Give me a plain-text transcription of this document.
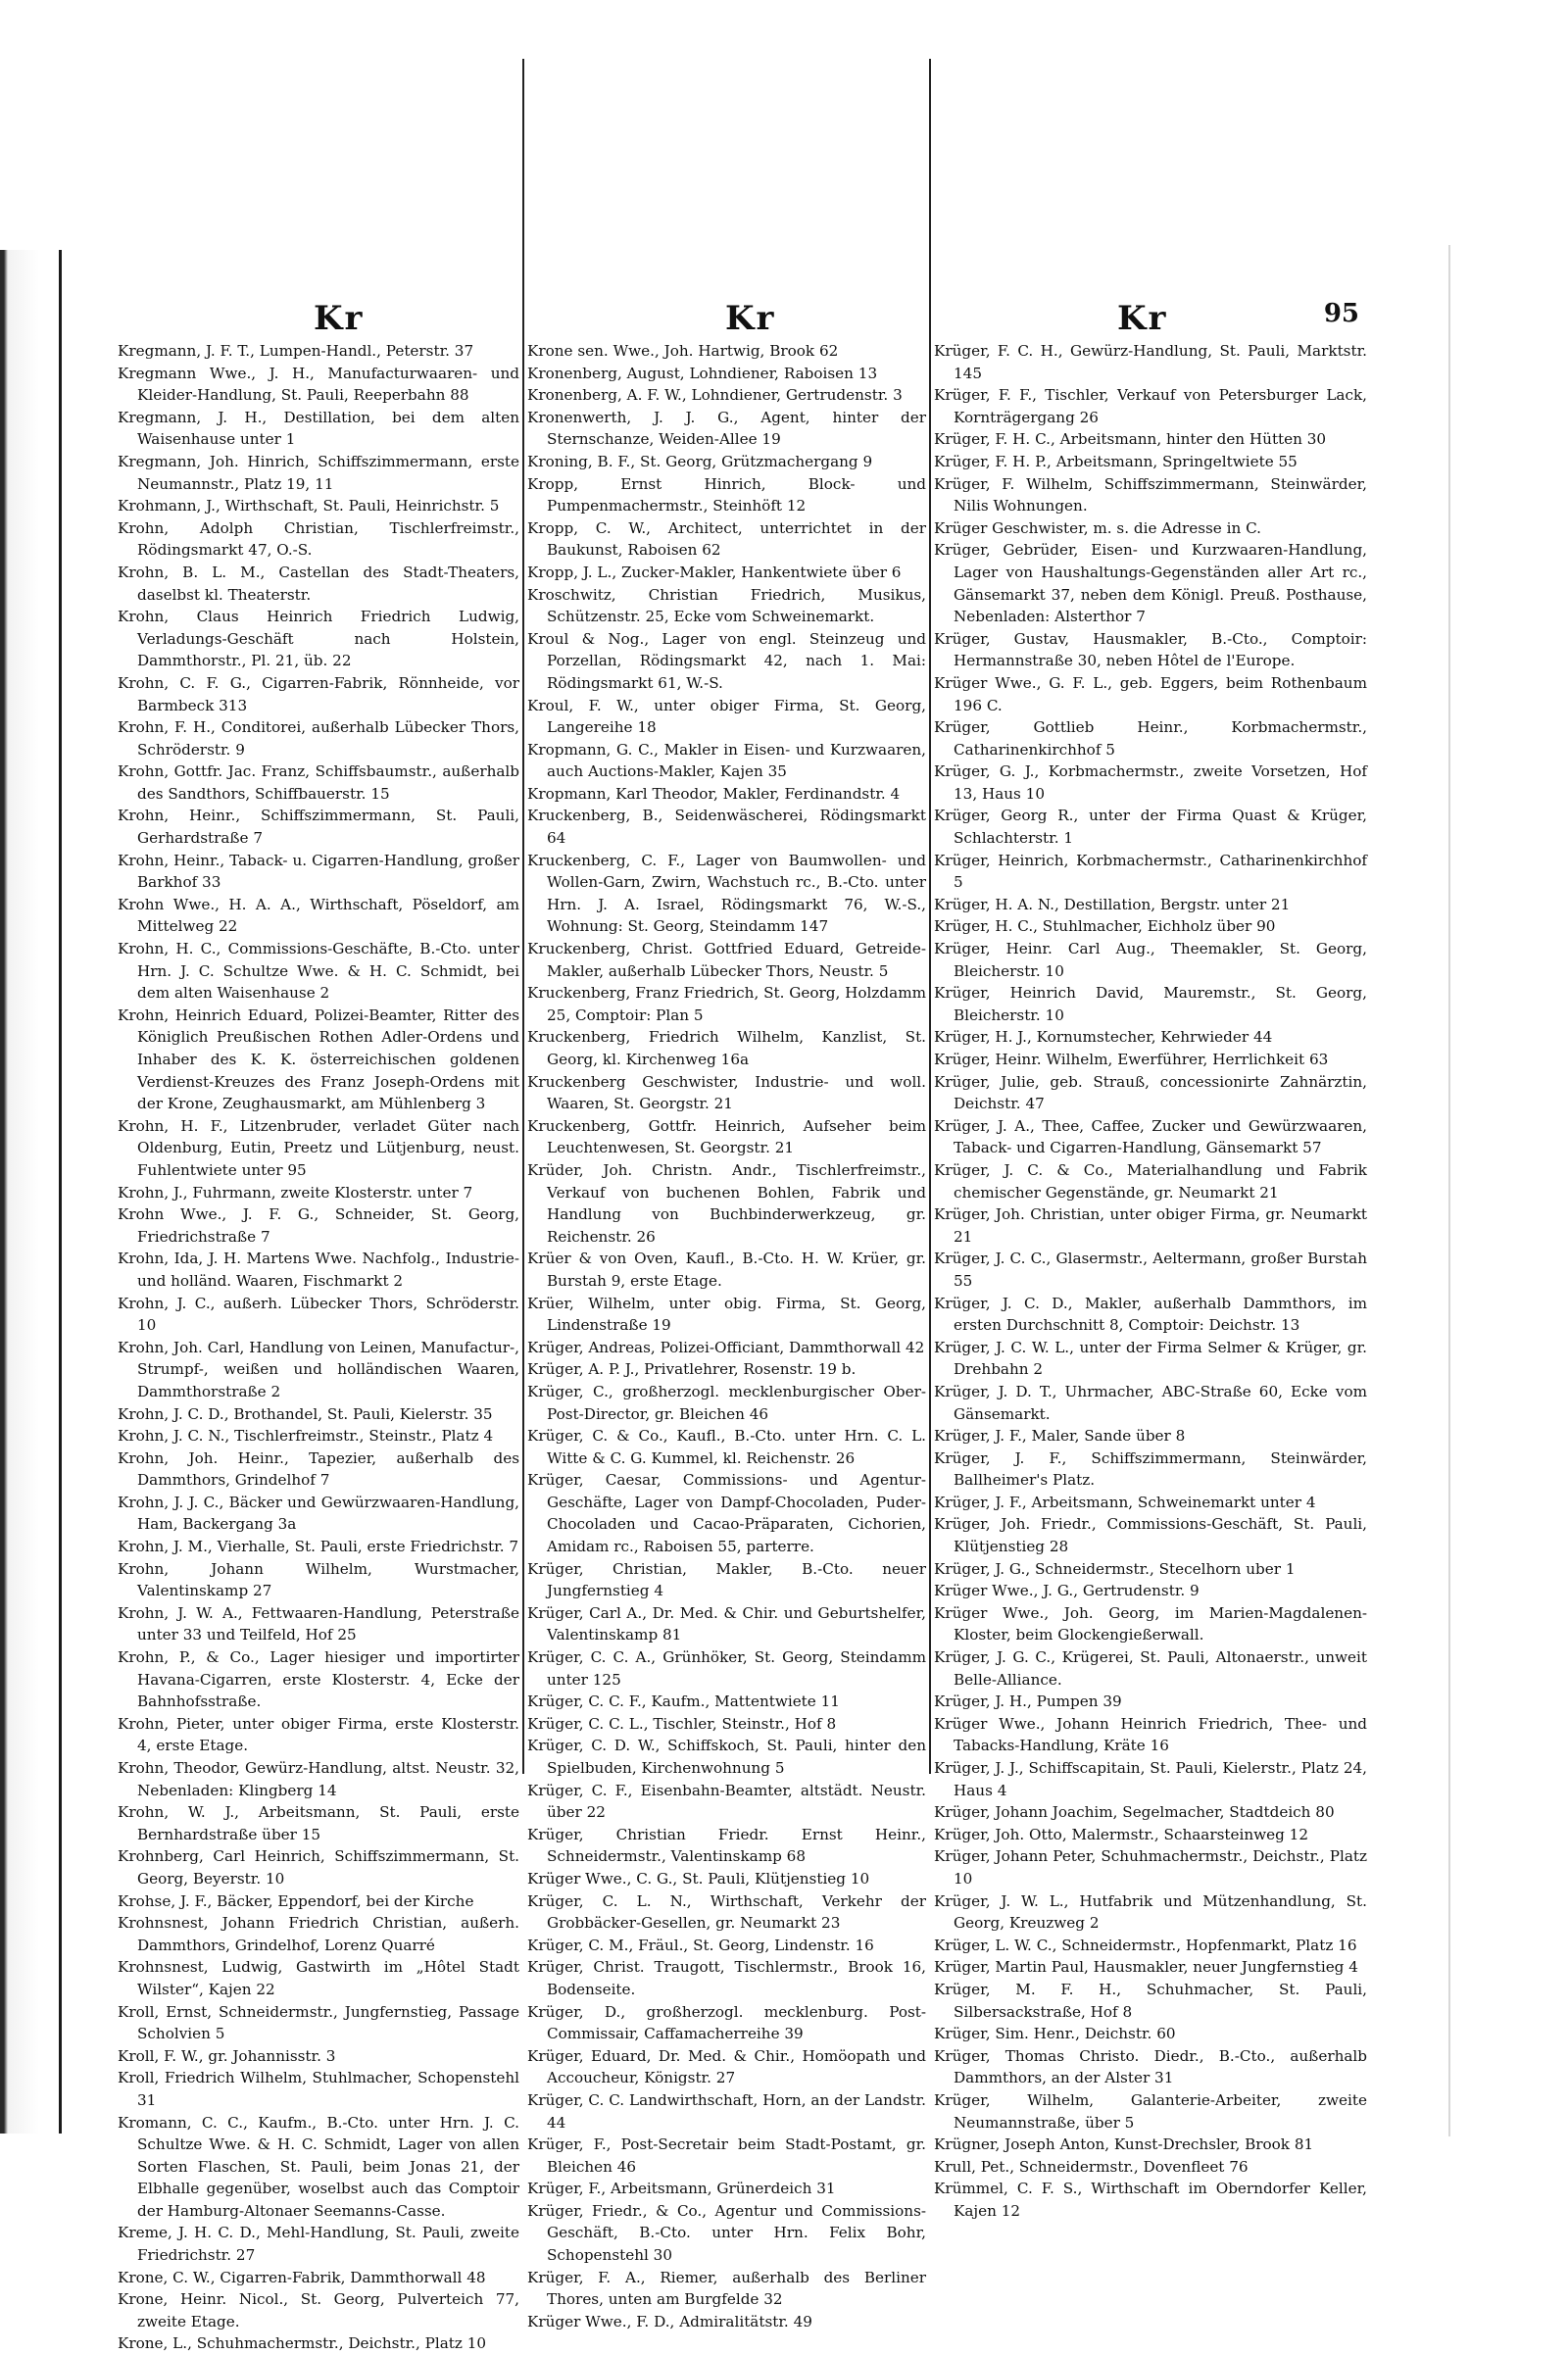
Kr	Kr	Kr	95

Kregmann, J. F. T., Lumpen-Handl., Peterstr. 37

Kregmann Wwe., J. H., Manufacturwaaren- und Kleider-Handlung, St. Pauli, Reeperbahn 88

Kregmann, J. H., Destillation, bei dem alten Waisenhause unter 1

Kregmann, Joh. Hinrich, Schiffszimmermann, erste Neumannstr., Platz 19, 11

Krohmann, J., Wirthschaft, St. Pauli, Heinrichstr. 5

Krohn, Adolph Christian, Tischlerfreimstr., Rödingsmarkt 47, O.-S.

Krohn, B. L. M., Castellan des Stadt-Theaters, daselbst kl. Theaterstr.

Krohn, Claus Heinrich Friedrich Ludwig, Verladungs-Geschäft nach Holstein, Dammthorstr., Pl. 21, üb. 22

Krohn, C. F. G., Cigarren-Fabrik, Rönnheide, vor Barmbeck 313

Krohn, F. H., Conditorei, außerhalb Lübecker Thors, Schröderstr. 9

Krohn, Gottfr. Jac. Franz, Schiffsbaumstr., außerhalb des Sandthors, Schiffbauerstr. 15

Krohn, Heinr., Schiffszimmermann, St. Pauli, Gerhardstraße 7

Krohn, Heinr., Taback- u. Cigarren-Handlung, großer Barkhof 33

Krohn Wwe., H. A. A., Wirthschaft, Pöseldorf, am Mittelweg 22

Krohn, H. C., Commissions-Geschäfte, B.-Cto. unter Hrn. J. C. Schultze Wwe. & H. C. Schmidt, bei dem alten Waisenhause 2

Krohn, Heinrich Eduard, Polizei-Beamter, Ritter des Königlich Preußischen Rothen Adler-Ordens und Inhaber des K. K. österreichischen goldenen Verdienst-Kreuzes des Franz Joseph-Ordens mit der Krone, Zeughausmarkt, am Mühlenberg 3

Krohn, H. F., Litzenbruder, verladet Güter nach Oldenburg, Eutin, Preetz und Lütjenburg, neust. Fuhlentwiete unter 95

Krohn, J., Fuhrmann, zweite Klosterstr. unter 7

Krohn Wwe., J. F. G., Schneider, St. Georg, Friedrichstraße 7

Krohn, Ida, J. H. Martens Wwe. Nachfolg., Industrie- und holländ. Waaren, Fischmarkt 2

Krohn, J. C., außerh. Lübecker Thors, Schröderstr. 10

Krohn, Joh. Carl, Handlung von Leinen, Manufactur-, Strumpf-, weißen und holländischen Waaren, Dammthorstraße 2

Krohn, J. C. D., Brothandel, St. Pauli, Kielerstr. 35

Krohn, J. C. N., Tischlerfreimstr., Steinstr., Platz 4

Krohn, Joh. Heinr., Tapezier, außerhalb des Dammthors, Grindelhof 7

Krohn, J. J. C., Bäcker und Gewürzwaaren-Handlung, Ham, Backergang 3a

Krohn, J. M., Vierhalle, St. Pauli, erste Friedrichstr. 7

Krohn, Johann Wilhelm, Wurstmacher, Valentinskamp 27

Krohn, J. W. A., Fettwaaren-Handlung, Peterstraße unter 33 und Teilfeld, Hof 25

Krohn, P., & Co., Lager hiesiger und importirter Havana-Cigarren, erste Klosterstr. 4, Ecke der Bahnhofsstraße.

Krohn, Pieter, unter obiger Firma, erste Klosterstr. 4, erste Etage.

Krohn, Theodor, Gewürz-Handlung, altst. Neustr. 32, Nebenladen: Klingberg 14

Krohn, W. J., Arbeitsmann, St. Pauli, erste Bernhardstraße über 15

Krohnberg, Carl Heinrich, Schiffszimmermann, St. Georg, Beyerstr. 10

Krohse, J. F., Bäcker, Eppendorf, bei der Kirche

Krohnsnest, Johann Friedrich Christian, außerh. Dammthors, Grindelhof, Lorenz Quarré

Krohnsnest, Ludwig, Gastwirth im „Hôtel Stadt Wilster“, Kajen 22

Kroll, Ernst, Schneidermstr., Jungfernstieg, Passage Scholvien 5

Kroll, F. W., gr. Johannisstr. 3

Kroll, Friedrich Wilhelm, Stuhlmacher, Schopenstehl 31

Kromann, C. C., Kaufm., B.-Cto. unter Hrn. J. C. Schultze Wwe. & H. C. Schmidt, Lager von allen Sorten Flaschen, St. Pauli, beim Jonas 21, der Elbhalle gegenüber, woselbst auch das Comptoir der Hamburg-Altonaer Seemanns-Casse.

Kreme, J. H. C. D., Mehl-Handlung, St. Pauli, zweite Friedrichstr. 27

Krone, C. W., Cigarren-Fabrik, Dammthorwall 48

Krone, Heinr. Nicol., St. Georg, Pulverteich 77, zweite Etage.

Krone, L., Schuhmachermstr., Deichstr., Platz 10

Krone sen. Wwe., Joh. Hartwig, Brook 62

Kronenberg, August, Lohndiener, Raboisen 13

Kronenberg, A. F. W., Lohndiener, Gertrudenstr. 3

Kronenwerth, J. J. G., Agent, hinter der Sternschanze, Weiden-Allee 19

Kroning, B. F., St. Georg, Grützmachergang 9

Kropp, Ernst Hinrich, Block- und Pumpenmachermstr., Steinhöft 12

Kropp, C. W., Architect, unterrichtet in der Baukunst, Raboisen 62

Kropp, J. L., Zucker-Makler, Hankentwiete über 6

Kroschwitz, Christian Friedrich, Musikus, Schützenstr. 25, Ecke vom Schweinemarkt.

Kroul & Nog., Lager von engl. Steinzeug und Porzellan, Rödingsmarkt 42, nach 1. Mai: Rödingsmarkt 61, W.-S.

Kroul, F. W., unter obiger Firma, St. Georg, Langereihe 18

Kropmann, G. C., Makler in Eisen- und Kurzwaaren, auch Auctions-Makler, Kajen 35

Kropmann, Karl Theodor, Makler, Ferdinandstr. 4

Kruckenberg, B., Seidenwäscherei, Rödingsmarkt 64

Kruckenberg, C. F., Lager von Baumwollen- und Wollen-Garn, Zwirn, Wachstuch rc., B.-Cto. unter Hrn. J. A. Israel, Rödingsmarkt 76, W.-S., Wohnung: St. Georg, Steindamm 147

Kruckenberg, Christ. Gottfried Eduard, Getreide-Makler, außerhalb Lübecker Thors, Neustr. 5

Kruckenberg, Franz Friedrich, St. Georg, Holzdamm 25, Comptoir: Plan 5

Kruckenberg, Friedrich Wilhelm, Kanzlist, St. Georg, kl. Kirchenweg 16a

Kruckenberg Geschwister, Industrie- und woll. Waaren, St. Georgstr. 21

Kruckenberg, Gottfr. Heinrich, Aufseher beim Leuchtenwesen, St. Georgstr. 21

Krüder, Joh. Christn. Andr., Tischlerfreimstr., Verkauf von buchenen Bohlen, Fabrik und Handlung von Buchbinderwerkzeug, gr. Reichenstr. 26

Krüer & von Oven, Kaufl., B.-Cto. H. W. Krüer, gr. Burstah 9, erste Etage.

Krüer, Wilhelm, unter obig. Firma, St. Georg, Lindenstraße 19

Krüger, Andreas, Polizei-Officiant, Dammthorwall 42

Krüger, A. P. J., Privatlehrer, Rosenstr. 19 b.

Krüger, C., großherzogl. mecklenburgischer Ober-Post-Director, gr. Bleichen 46

Krüger, C. & Co., Kaufl., B.-Cto. unter Hrn. C. L. Witte & C. G. Kummel, kl. Reichenstr. 26

Krüger, Caesar, Commissions- und Agentur-Geschäfte, Lager von Dampf-Chocoladen, Puder-Chocoladen und Cacao-Präparaten, Cichorien, Amidam rc., Raboisen 55, parterre.

Krüger, Christian, Makler, B.-Cto. neuer Jungfernstieg 4

Krüger, Carl A., Dr. Med. & Chir. und Geburtshelfer, Valentinskamp 81

Krüger, C. C. A., Grünhöker, St. Georg, Steindamm unter 125

Krüger, C. C. F., Kaufm., Mattentwiete 11

Krüger, C. C. L., Tischler, Steinstr., Hof 8

Krüger, C. D. W., Schiffskoch, St. Pauli, hinter den Spielbuden, Kirchenwohnung 5

Krüger, C. F., Eisenbahn-Beamter, altstädt. Neustr. über 22

Krüger, Christian Friedr. Ernst Heinr., Schneidermstr., Valentinskamp 68

Krüger Wwe., C. G., St. Pauli, Klütjenstieg 10

Krüger, C. L. N., Wirthschaft, Verkehr der Grobbäcker-Gesellen, gr. Neumarkt 23

Krüger, C. M., Fräul., St. Georg, Lindenstr. 16

Krüger, Christ. Traugott, Tischlermstr., Brook 16, Bodenseite.

Krüger, D., großherzogl. mecklenburg. Post-Commissair, Caffamacherreihe 39

Krüger, Eduard, Dr. Med. & Chir., Homöopath und Accoucheur, Königstr. 27

Krüger, C. C. Landwirthschaft, Horn, an der Landstr. 44

Krüger, F., Post-Secretair beim Stadt-Postamt, gr. Bleichen 46

Krüger, F., Arbeitsmann, Grünerdeich 31

Krüger, Friedr., & Co., Agentur und Commissions-Geschäft, B.-Cto. unter Hrn. Felix Bohr, Schopenstehl 30

Krüger, F. A., Riemer, außerhalb des Berliner Thores, unten am Burgfelde 32

Krüger Wwe., F. D., Admiralitätstr. 49

Krüger, F. C. H., Gewürz-Handlung, St. Pauli, Marktstr. 145

Krüger, F. F., Tischler, Verkauf von Petersburger Lack, Kornträgergang 26

Krüger, F. H. C., Arbeitsmann, hinter den Hütten 30

Krüger, F. H. P., Arbeitsmann, Springeltwiete 55

Krüger, F. Wilhelm, Schiffszimmermann, Steinwärder, Nilis Wohnungen.

Krüger Geschwister, m. s. die Adresse in C.

Krüger, Gebrüder, Eisen- und Kurzwaaren-Handlung, Lager von Haushaltungs-Gegenständen aller Art rc., Gänsemarkt 37, neben dem Königl. Preuß. Posthause, Nebenladen: Alsterthor 7

Krüger, Gustav, Hausmakler, B.-Cto., Comptoir: Hermannstraße 30, neben Hôtel de l'Europe.

Krüger Wwe., G. F. L., geb. Eggers, beim Rothenbaum 196 C.

Krüger, Gottlieb Heinr., Korbmachermstr., Catharinenkirchhof 5

Krüger, G. J., Korbmachermstr., zweite Vorsetzen, Hof 13, Haus 10

Krüger, Georg R., unter der Firma Quast & Krüger, Schlachterstr. 1

Krüger, Heinrich, Korbmachermstr., Catharinenkirchhof 5

Krüger, H. A. N., Destillation, Bergstr. unter 21

Krüger, H. C., Stuhlmacher, Eichholz über 90

Krüger, Heinr. Carl Aug., Theemakler, St. Georg, Bleicherstr. 10

Krüger, Heinrich David, Mauremstr., St. Georg, Bleicherstr. 10

Krüger, H. J., Kornumstecher, Kehrwieder 44

Krüger, Heinr. Wilhelm, Ewerführer, Herrlichkeit 63

Krüger, Julie, geb. Strauß, concessionirte Zahnärztin, Deichstr. 47

Krüger, J. A., Thee, Caffee, Zucker und Gewürzwaaren, Taback- und Cigarren-Handlung, Gänsemarkt 57

Krüger, J. C. & Co., Materialhandlung und Fabrik chemischer Gegenstände, gr. Neumarkt 21

Krüger, Joh. Christian, unter obiger Firma, gr. Neumarkt 21

Krüger, J. C. C., Glasermstr., Aeltermann, großer Burstah 55

Krüger, J. C. D., Makler, außerhalb Dammthors, im ersten Durchschnitt 8, Comptoir: Deichstr. 13

Krüger, J. C. W. L., unter der Firma Selmer & Krüger, gr. Drehbahn 2

Krüger, J. D. T., Uhrmacher, ABC-Straße 60, Ecke vom Gänsemarkt.

Krüger, J. F., Maler, Sande über 8

Krüger, J. F., Schiffszimmermann, Steinwärder, Ballheimer's Platz.

Krüger, J. F., Arbeitsmann, Schweinemarkt unter 4

Krüger, Joh. Friedr., Commissions-Geschäft, St. Pauli, Klütjenstieg 28

Krüger, J. G., Schneidermstr., Stecelhorn uber 1

Krüger Wwe., J. G., Gertrudenstr. 9

Krüger Wwe., Joh. Georg, im Marien-Magdalenen-Kloster, beim Glockengießerwall.

Krüger, J. G. C., Krügerei, St. Pauli, Altonaerstr., unweit Belle-Alliance.

Krüger, J. H., Pumpen 39

Krüger Wwe., Johann Heinrich Friedrich, Thee- und Tabacks-Handlung, Kräte 16

Krüger, J. J., Schiffscapitain, St. Pauli, Kielerstr., Platz 24, Haus 4

Krüger, Johann Joachim, Segelmacher, Stadtdeich 80

Krüger, Joh. Otto, Malermstr., Schaarsteinweg 12

Krüger, Johann Peter, Schuhmachermstr., Deichstr., Platz 10

Krüger, J. W. L., Hutfabrik und Mützenhandlung, St. Georg, Kreuzweg 2

Krüger, L. W. C., Schneidermstr., Hopfenmarkt, Platz 16

Krüger, Martin Paul, Hausmakler, neuer Jungfernstieg 4

Krüger, M. F. H., Schuhmacher, St. Pauli, Silbersackstraße, Hof 8

Krüger, Sim. Henr., Deichstr. 60

Krüger, Thomas Christo. Diedr., B.-Cto., außerhalb Dammthors, an der Alster 31

Krüger, Wilhelm, Galanterie-Arbeiter, zweite Neumannstraße, über 5

Krügner, Joseph Anton, Kunst-Drechsler, Brook 81

Krull, Pet., Schneidermstr., Dovenfleet 76

Krümmel, C. F. S., Wirthschaft im Oberndorfer Keller, Kajen 12
